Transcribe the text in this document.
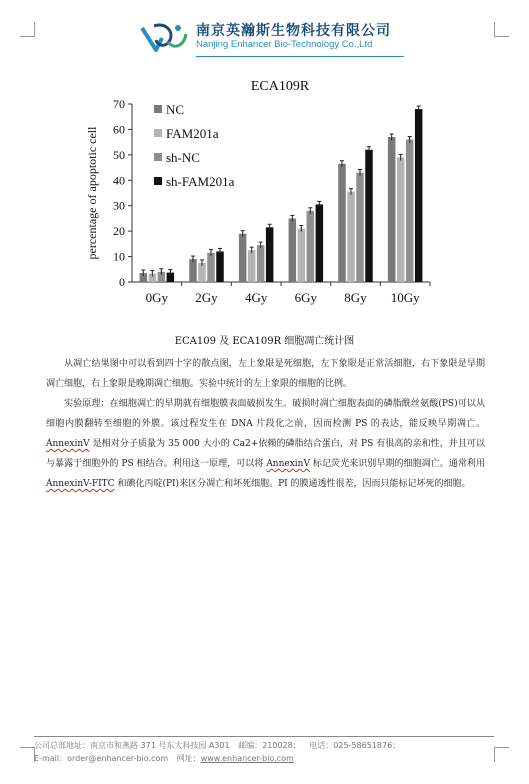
南京英瀚斯生物科技有限公司
Nanjing Enhancer Bio-Technology Co.,Ltd
ECA109R
percentage of apoptotic cell
0
10
20
30
40
50
60
70
0Gy 2Gy 4Gy 6Gy 8Gy 10Gy
NC
FAM201a
sh-NC
sh-FAM201a
ECA109 及 ECA109R 细胞凋亡统计图

从凋亡结果图中可以看到四十字的散点图，左上象限是死细胞，左下象限是正常活细胞，右下象限是早期凋亡细胞，右上象限是晚期凋亡细胞。实验中统计的左上象限的细胞的比例。

实验原理：在细胞凋亡的早期就有细胞膜表面破损发生。破损时凋亡细胞表面的磷脂酰丝氨酸(PS)可以从细胞内膜翻转至细胞的外膜。该过程发生在 DNA 片段化之前，因而检测 PS 的表达，能反映早期凋亡。AnnexinV 是相对分子质量为 35 000 大小的 Ca2+依赖的磷脂结合蛋白，对 PS 有很高的亲和性，并且可以与暴露于细胞外的 PS 相结合。利用这一原理，可以将 AnnexinV 标记荧光来识别早期的细胞凋亡。通常利用 AnnexinV-FITC 和碘化丙啶(PI)来区分凋亡和坏死细胞。PI 的膜通透性很差，因而只能标记坏死的细胞。

公司总部地址：南京市和燕路 371 号东大科技园 A301 邮编：210028； 电话：025-58651876；
E-mail：order@enhancer-bio.com 网址：www.enhancer-bio.com
